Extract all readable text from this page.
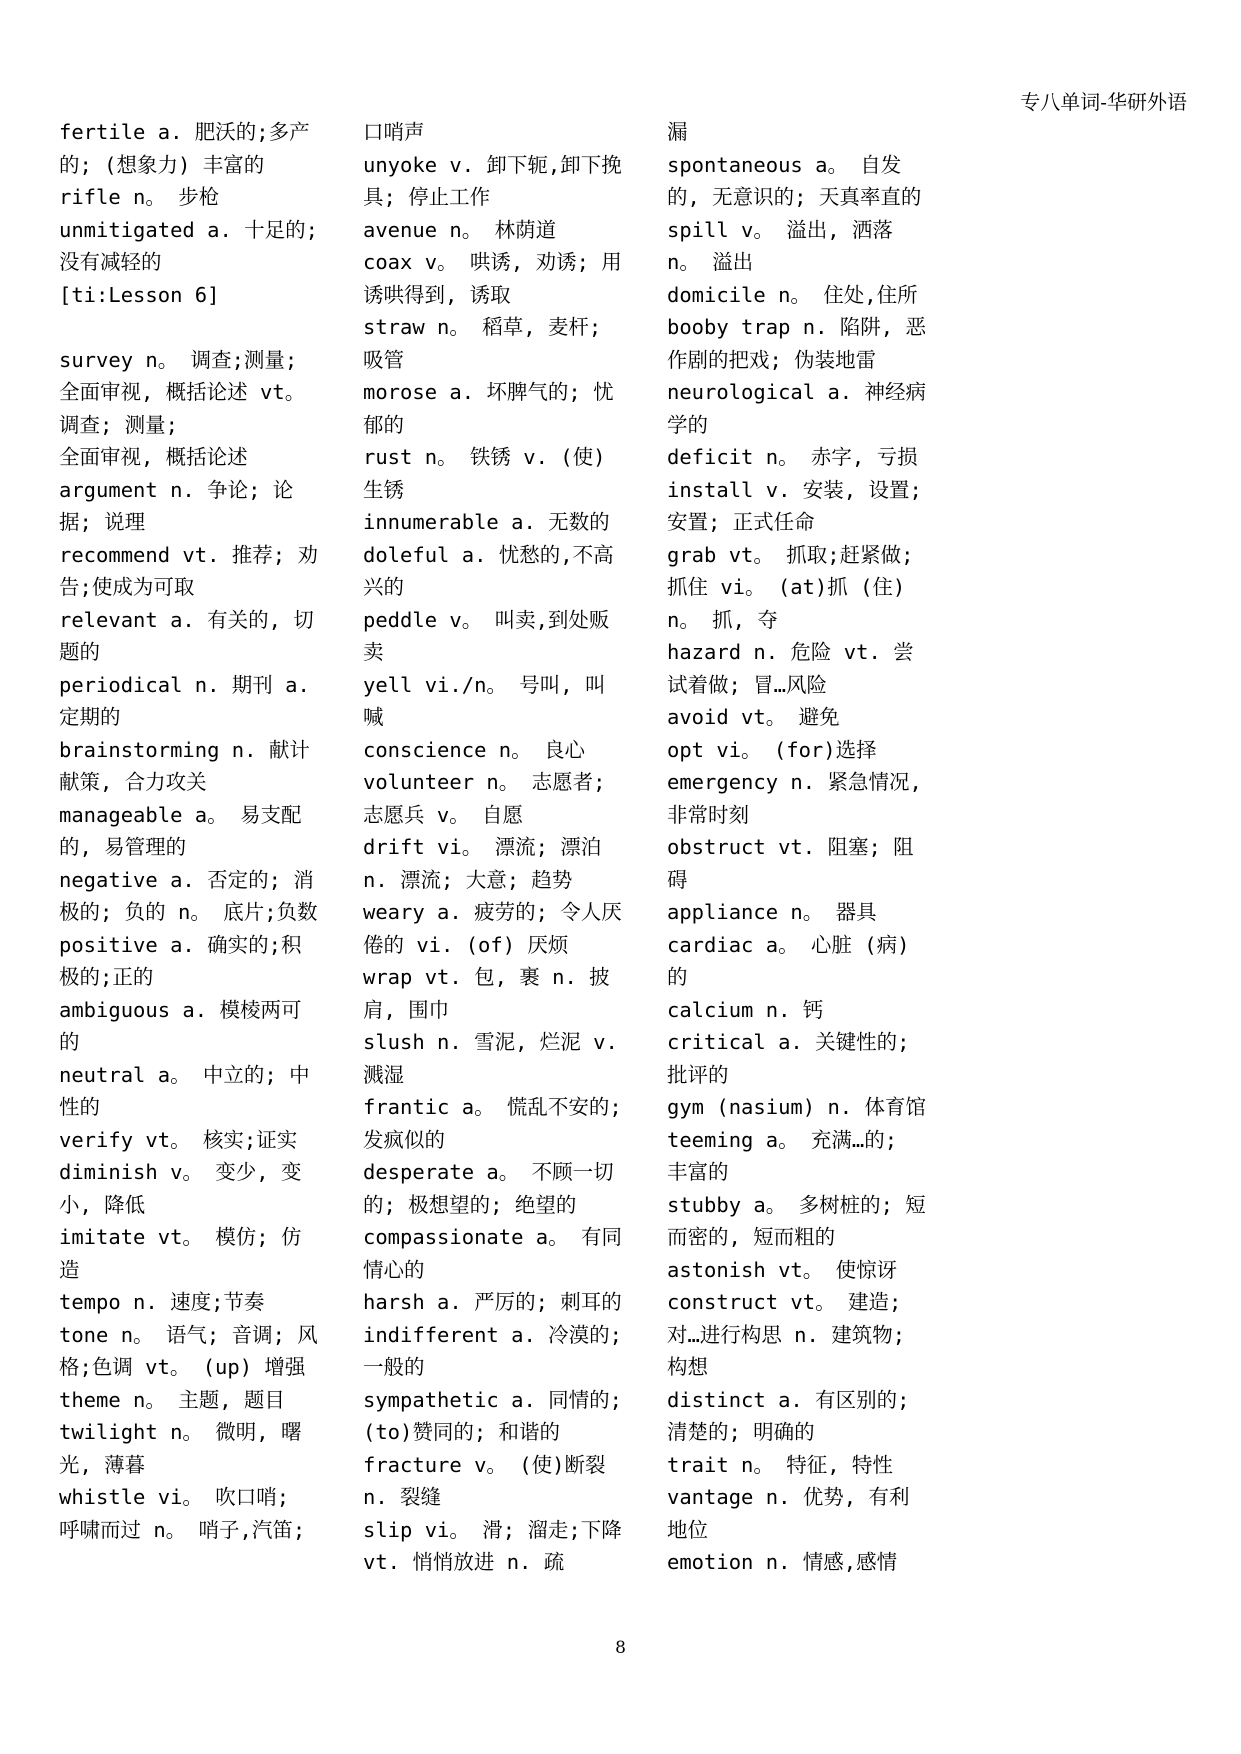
专八单词-华研外语
fertile a. 肥沃的;多产的; (想象力) 丰富的
rifle n。 步枪
unmitigated a. 十足的; 没有减轻的
[ti:Lesson 6]
survey n。 调查;测量; 全面审视, 概括论述 vt。 调查; 测量;
全面审视, 概括论述
argument n. 争论; 论据; 说理
recommend vt. 推荐; 劝告;使成为可取
relevant a. 有关的, 切题的
periodical n. 期刊 a. 定期的
brainstorming n. 献计献策, 合力攻关
manageable a。 易支配的, 易管理的
negative a. 否定的; 消极的; 负的 n。 底片;负数
positive a. 确实的;积极的;正的
ambiguous a. 模棱两可的
neutral a。 中立的; 中性的
verify vt。 核实;证实
diminish v。 变少, 变小, 降低
imitate vt。 模仿; 仿造
tempo n. 速度;节奏
tone n。 语气; 音调; 风格;色调 vt。 (up) 增强
theme n。 主题, 题目
twilight n。 微明, 曙光, 薄暮
whistle vi。 吹口哨; 呼啸而过 n。 哨子,汽笛;
口哨声
unyoke v. 卸下轭,卸下挽具; 停止工作
avenue n。 林荫道
coax v。 哄诱, 劝诱; 用诱哄得到, 诱取
straw n。 稻草, 麦杆; 吸管
morose a. 坏脾气的; 忧郁的
rust n。 铁锈 v. (使) 生锈
innumerable a. 无数的
doleful a. 忧愁的,不高兴的
peddle v。 叫卖,到处贩卖
yell vi./n。 号叫, 叫喊
conscience n。 良心
volunteer n。 志愿者; 志愿兵 v。 自愿
drift vi。 漂流; 漂泊 n. 漂流; 大意; 趋势
weary a. 疲劳的; 令人厌倦的 vi. (of) 厌烦
wrap vt. 包, 裹 n. 披肩, 围巾
slush n. 雪泥, 烂泥 v. 溅湿
frantic a。 慌乱不安的; 发疯似的
desperate a。 不顾一切的; 极想望的; 绝望的
compassionate a。 有同情心的
harsh a. 严厉的; 刺耳的
indifferent a. 冷漠的; 一般的
sympathetic a. 同情的; (to)赞同的; 和谐的
fracture v。 (使)断裂 n. 裂缝
slip vi。 滑; 溜走;下降 vt. 悄悄放进 n. 疏
漏
spontaneous a。 自发的, 无意识的; 天真率直的
spill v。 溢出, 洒落 n。 溢出
domicile n。 住处,住所
booby trap n. 陷阱, 恶作剧的把戏; 伪装地雷
neurological a. 神经病学的
deficit n。 赤字, 亏损
install v. 安装, 设置; 安置; 正式任命
grab vt。 抓取;赶紧做; 抓住 vi。 (at)抓 (住) n。 抓, 夺
hazard n. 危险 vt. 尝试着做; 冒…风险
avoid vt。 避免
opt vi。 (for)选择
emergency n. 紧急情况, 非常时刻
obstruct vt. 阻塞; 阻碍
appliance n。 器具
cardiac a。 心脏 (病) 的
calcium n. 钙
critical a. 关键性的; 批评的
gym (nasium) n. 体育馆
teeming a。 充满…的; 丰富的
stubby a。 多树桩的; 短而密的, 短而粗的
astonish vt。 使惊讶
construct vt。 建造; 对…进行构思 n. 建筑物; 构想
distinct a. 有区别的; 清楚的; 明确的
trait n。 特征, 特性
vantage n. 优势, 有利地位
emotion n. 情感,感情
8
